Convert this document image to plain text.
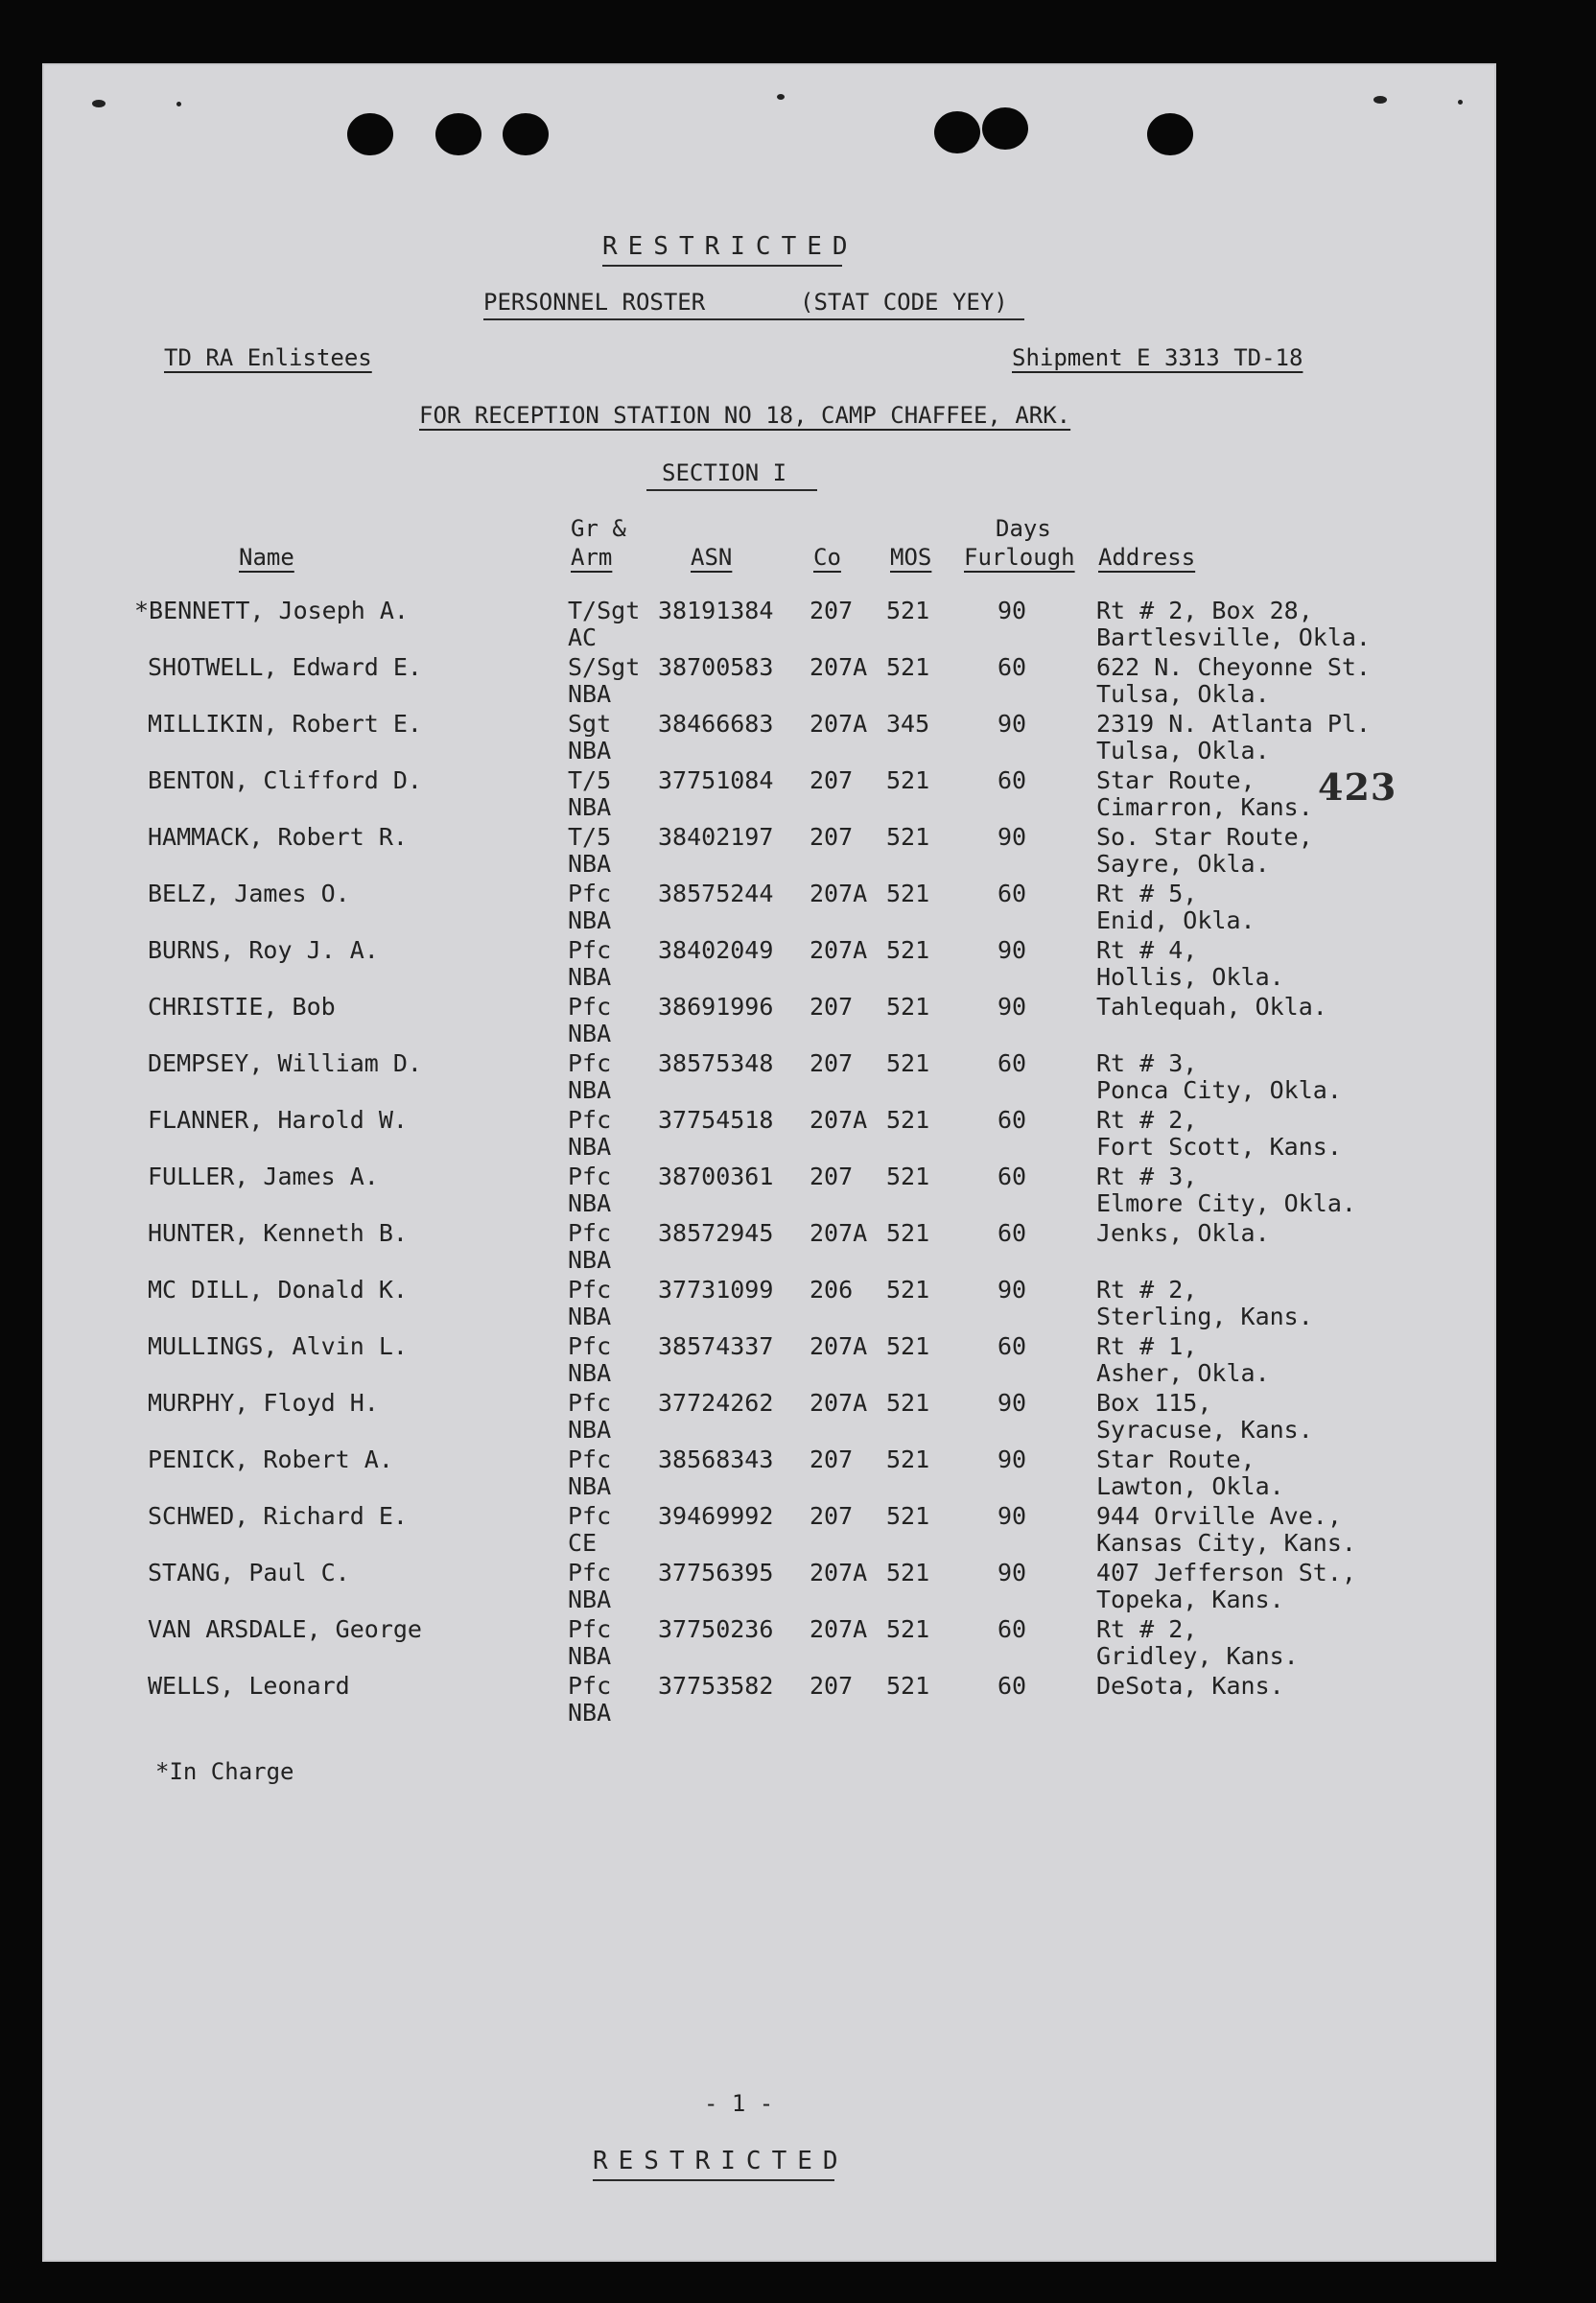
RESTRICTED
PERSONNEL ROSTER	(STAT CODE YEY)
TD RA Enlistees	Shipment E 3313 TD-18
FOR RECEPTION STATION NO 18, CAMP CHAFFEE, ARK.
SECTION I
Name
Gr &
Arm	ASN	Co MOS
Days
Furlough Address
*BENNETT, Joseph A.	T/Sgt
AC
38191384 207 521	90	Rt # 2, Box 28,
Bartlesville, Okla.
SHOTWELL, Edward E.	S/Sgt
NBA
38700583 207A 521	60	622 N. Cheyonne St.
Tulsa, Okla.
MILLIKIN, Robert E.	Sgt
NBA
38466683 207A 345	90	2319 N. Atlanta Pl.
Tulsa, Okla.
BENTON, Clifford D.	T/5
NBA
37751084 207 521	60	Star Route,
Cimarron, Kans.
HAMMACK, Robert R.	T/5
NBA
38402197 207 521	90	So. Star Route,
Sayre, Okla.
BELZ, James O.	Pfc
NBA
38575244 207A 521	60	Rt # 5,
Enid, Okla.
BURNS, Roy J. A.	Pfc
NBA
38402049 207A 521	90	Rt # 4,
Hollis, Okla.
CHRISTIE, Bob	Pfc
NBA
38691996 207 521	90	Tahlequah, Okla.
DEMPSEY, William D.	Pfc
NBA
38575348 207 521	60	Rt # 3,
Ponca City, Okla.
FLANNER, Harold W.	Pfc
NBA
37754518 207A 521	60	Rt # 2,
Fort Scott, Kans.
FULLER, James A.	Pfc
NBA
38700361 207 521	60	Rt # 3,
Elmore City, Okla.
HUNTER, Kenneth B.	Pfc
NBA
38572945 207A 521	60	Jenks, Okla.
MC DILL, Donald K.	Pfc
NBA
37731099 206 521	90	Rt # 2,
Sterling, Kans.
MULLINGS, Alvin L.	Pfc
NBA
38574337 207A 521	60	Rt # 1,
Asher, Okla.
MURPHY, Floyd H.	Pfc
NBA
37724262 207A 521	90	Box 115,
Syracuse, Kans.
PENICK, Robert A.	Pfc
NBA
38568343 207 521	90	Star Route,
Lawton, Okla.
SCHWED, Richard E.	Pfc
CE
39469992 207 521	90	944 Orville Ave.,
Kansas City, Kans.
STANG, Paul C.	Pfc
NBA
37756395 207A 521	90	407 Jefferson St.,
Topeka, Kans.
VAN ARSDALE, George	Pfc
NBA
37750236 207A 521	60	Rt # 2,
Gridley, Kans.
WELLS, Leonard	Pfc
NBA
37753582 207 521	60	DeSota, Kans.
423
*In Charge
- 1 -
RESTRICTED
